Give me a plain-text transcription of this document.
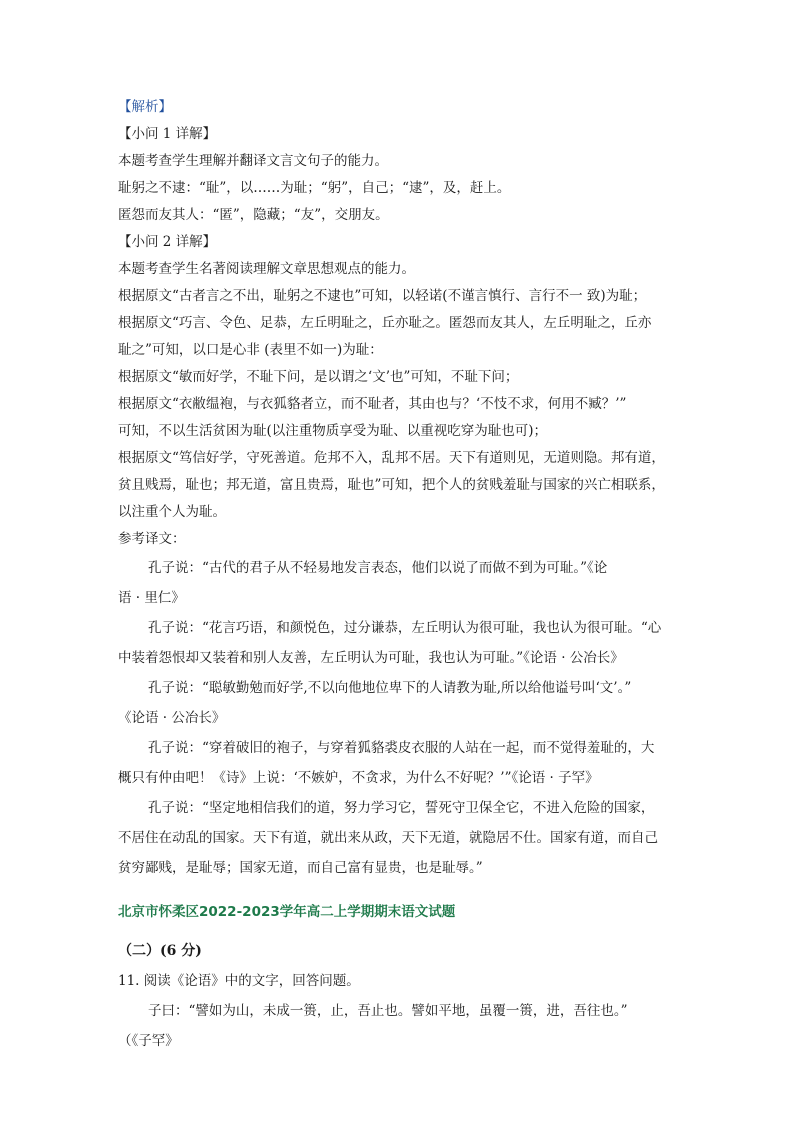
【解析】
【小问 1 详解】
本题考查学生理解并翻译文言文句子的能力。
耻躬之不逮：“耻”，以……为耻；“躬”，自己；“逮”，及，赶上。
匿怨而友其人：“匿”，隐藏；“友”，交朋友。
【小问 2 详解】
本题考查学生名著阅读理解文章思想观点的能力。
根据原文“古者言之不出，耻躬之不逮也”可知，以轻诺(不谨言慎行、言行不一 致)为耻；
根据原文“巧言、令色、足恭，左丘明耻之，丘亦耻之。匿怨而友其人，左丘明耻之，丘亦
耻之”可知，以口是心非 (表里不如一)为耻：
根据原文“敏而好学，不耻下问，是以谓之‘文’也”可知，不耻下问；
根据原文“衣敝缊袍，与衣狐貉者立，而不耻者，其由也与？‘不忮不求，何用不臧？’”
可知，不以生活贫困为耻(以注重物质享受为耻、以重视吃穿为耻也可)；
根据原文“笃信好学，守死善道。危邦不入，乱邦不居。天下有道则见，无道则隐。邦有道，
贫且贱焉，耻也；邦无道，富且贵焉，耻也”可知，把个人的贫贱羞耻与国家的兴亡相联系，
以注重个人为耻。
参考译文：
孔子说：“古代的君子从不轻易地发言表态，他们以说了而做不到为可耻。”《论
语 · 里仁》
孔子说：“花言巧语，和颜悦色，过分谦恭，左丘明认为很可耻，我也认为很可耻。“心
中装着怨恨却又装着和别人友善，左丘明认为可耻，我也认为可耻。”《论语 · 公冶长》
孔子说：“聪敏勤勉而好学,不以向他地位卑下的人请教为耻,所以给他谥号叫‘文’。”
《论语 · 公冶长》
孔子说：“穿着破旧的袍子，与穿着狐貉裘皮衣服的人站在一起，而不觉得羞耻的，大
概只有仲由吧！《诗》上说：‘不嫉妒，不贪求，为什么不好呢？’”《论语 · 子罕》
孔子说：“坚定地相信我们的道，努力学习它，誓死守卫保全它，不进入危险的国家，
不居住在动乱的国家。天下有道，就出来从政，天下无道，就隐居不仕。国家有道，而自己
贫穷鄙贱，是耻辱；国家无道，而自己富有显贵，也是耻辱。”
北京市怀柔区2022-2023学年高二上学期期末语文试题
（二）(6 分)
11. 阅读《论语》中的文字，回答问题。
子曰：“譬如为山，未成一篑，止，吾止也。譬如平地，虽覆一篑，进，吾往也。”
（《子罕》
